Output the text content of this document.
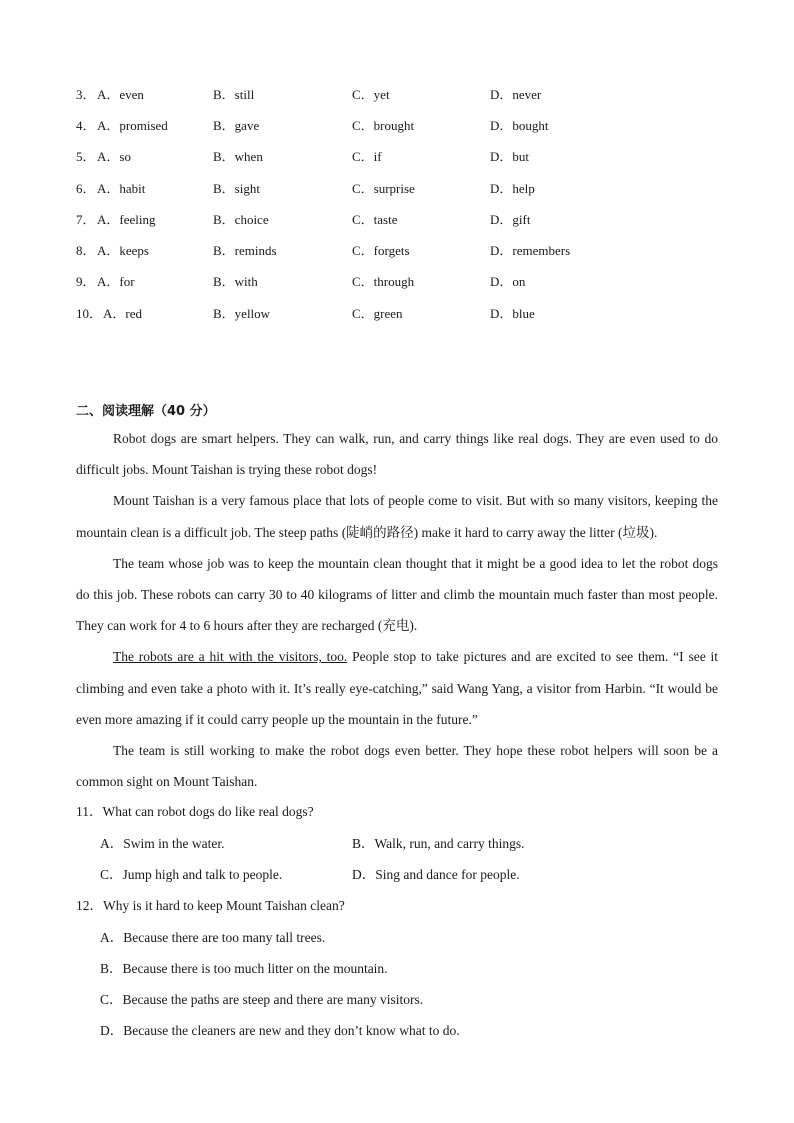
3． A．even	B．still	C．yet	D．never
4． A．promised	B．gave	C．brought	D．bought
5． A．so	B．when	C．if	D．but
6． A．habit	B．sight	C．surprise	D．help
7． A．feeling	B．choice	C．taste	D．gift
8． A．keeps	B．reminds	C．forgets	D．remembers
9． A．for	B．with	C．through	D．on
10． A．red	B．yellow	C．green	D．blue
二、阅读理解（40 分）

Robot dogs are smart helpers. They can walk, run, and carry things like real dogs. They are even used to do difficult jobs. Mount Taishan is trying these robot dogs!

Mount Taishan is a very famous place that lots of people come to visit. But with so many visitors, keeping the mountain clean is a difficult job. The steep paths (陡峭的路径) make it hard to carry away the litter (垃圾).

The team whose job was to keep the mountain clean thought that it might be a good idea to let the robot dogs do this job. These robots can carry 30 to 40 kilograms of litter and climb the mountain much faster than most people. They can work for 4 to 6 hours after they are recharged (充电).

The robots are a hit with the visitors, too. People stop to take pictures and are excited to see them. “I see it climbing and even take a photo with it. It’s really eye-catching,” said Wang Yang, a visitor from Harbin. “It would be even more amazing if it could carry people up the mountain in the future.”

The team is still working to make the robot dogs even better. They hope these robot helpers will soon be a common sight on Mount Taishan.

11．What can robot dogs do like real dogs?
A．Swim in the water.	B．Walk, run, and carry things.
C．Jump high and talk to people.	D．Sing and dance for people.
12．Why is it hard to keep Mount Taishan clean?
A．Because there are too many tall trees.
B．Because there is too much litter on the mountain.
C．Because the paths are steep and there are many visitors.
D．Because the cleaners are new and they don’t know what to do.
